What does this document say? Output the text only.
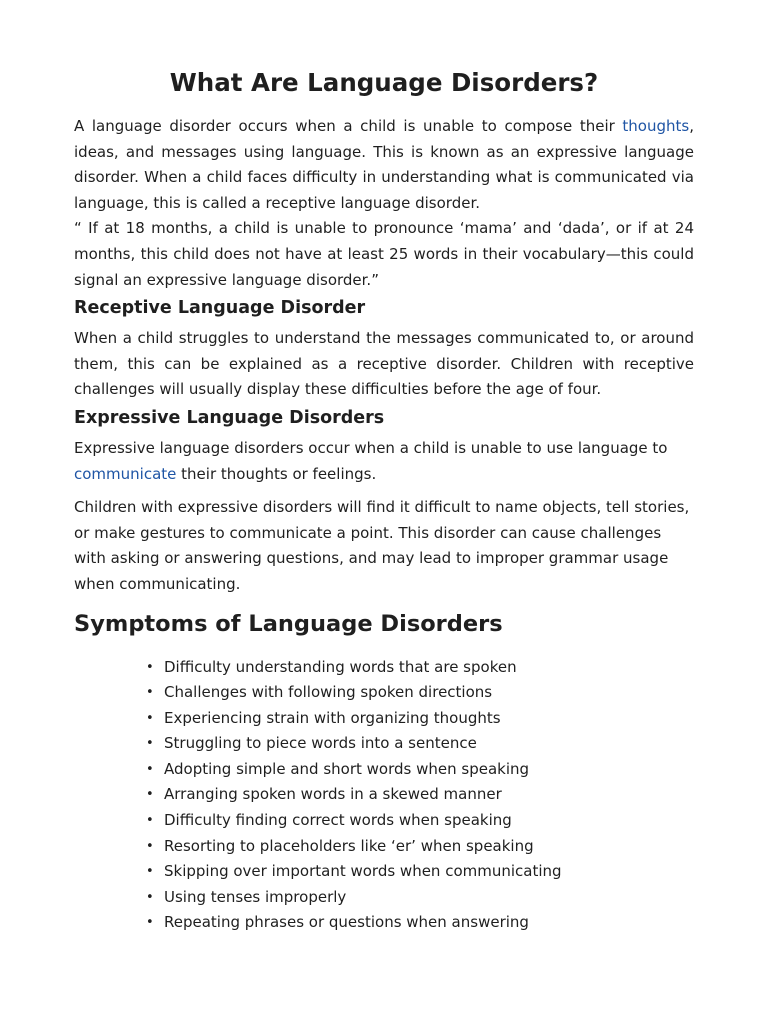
What Are Language Disorders?

A language disorder occurs when a child is unable to compose their thoughts, ideas, and messages using language. This is known as an expressive language disorder. When a child faces difficulty in understanding what is communicated via language, this is called a receptive language disorder.

“ If at 18 months, a child is unable to pronounce ‘mama’ and ‘dada’, or if at 24 months, this child does not have at least 25 words in their vocabulary—this could signal an expressive language disorder.”

Receptive Language Disorder

When a child struggles to understand the messages communicated to, or around them, this can be explained as a receptive disorder. Children with receptive challenges will usually display these difficulties before the age of four.

Expressive Language Disorders

Expressive language disorders occur when a child is unable to use language to communicate their thoughts or feelings.

Children with expressive disorders will find it difficult to name objects, tell stories, or make gestures to communicate a point. This disorder can cause challenges with asking or answering questions, and may lead to improper grammar usage when communicating.

Symptoms of Language Disorders
• Difficulty understanding words that are spoken
• Challenges with following spoken directions
• Experiencing strain with organizing thoughts
• Struggling to piece words into a sentence
• Adopting simple and short words when speaking
• Arranging spoken words in a skewed manner
• Difficulty finding correct words when speaking
• Resorting to placeholders like ‘er’ when speaking
• Skipping over important words when communicating
• Using tenses improperly
• Repeating phrases or questions when answering
